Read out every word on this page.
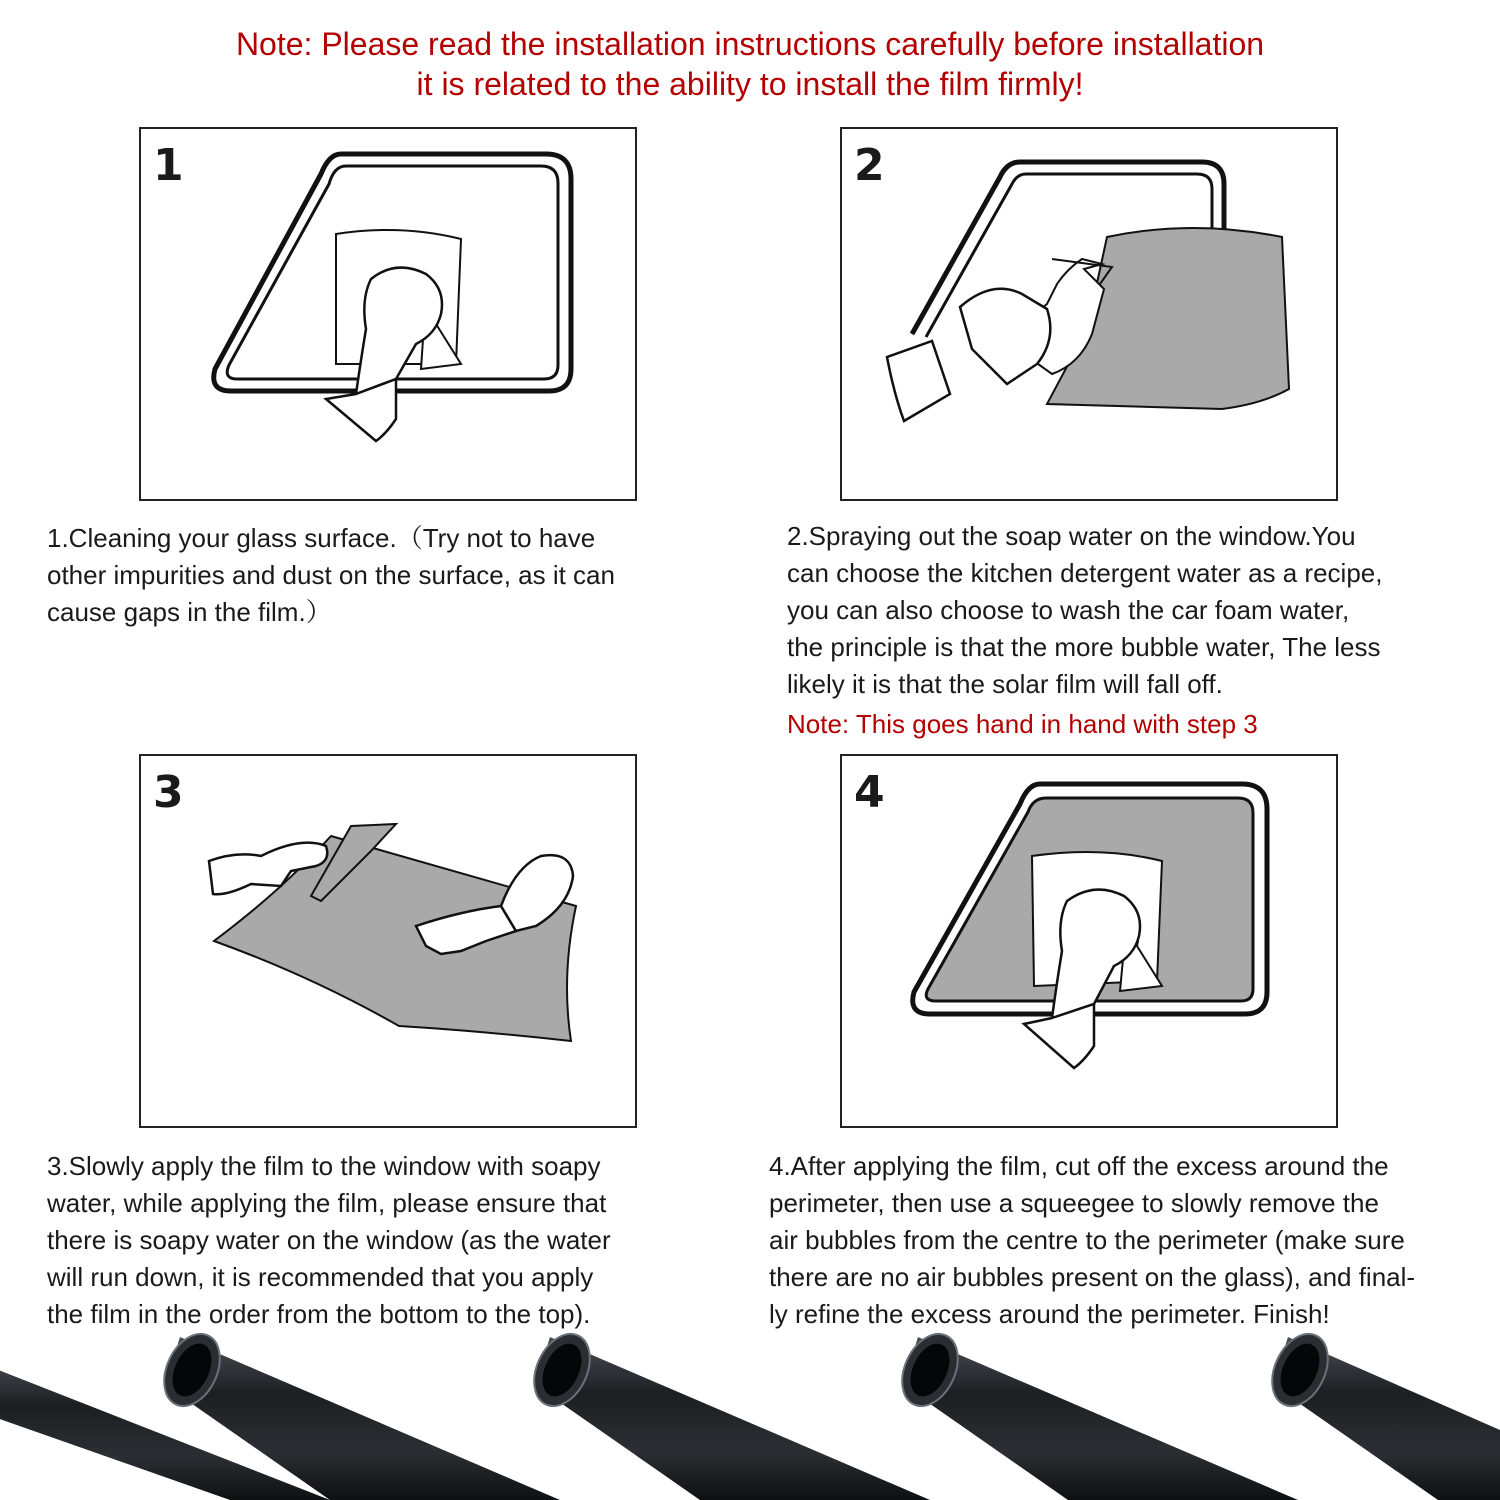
Note: Please read the installation instructions carefully before installation
it is related to the ability to install the film firmly!
1	2
3	4
1.Cleaning your glass surface.（Try not to have
other impurities and dust on the surface, as it can
cause gaps in the film.）
2.Spraying out the soap water on the window.You
can choose the kitchen detergent water as a recipe,
you can also choose to wash the car foam water,
the principle is that the more bubble water, The less
likely it is that the solar film will fall off.
Note: This goes hand in hand with step 3
3.Slowly apply the film to the window with soapy
water, while applying the film, please ensure that
there is soapy water on the window (as the water
will run down, it is recommended that you apply
the film in the order from the bottom to the top).
4.After applying the film, cut off the excess around the
perimeter, then use a squeegee to slowly remove the
air bubbles from the centre to the perimeter (make sure
there are no air bubbles present on the glass), and final-
ly refine the excess around the perimeter. Finish!
